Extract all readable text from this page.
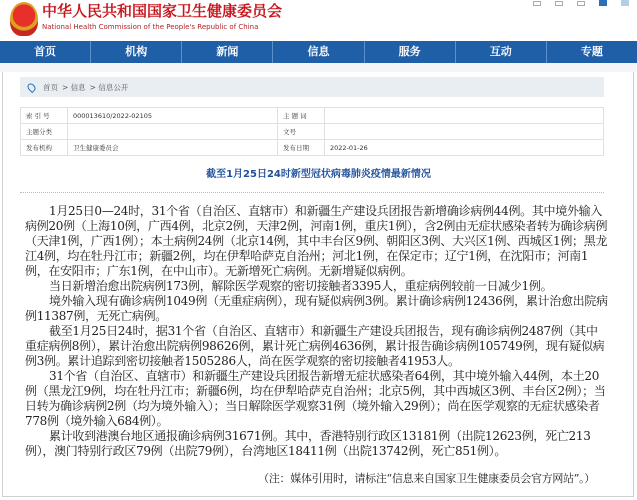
中华人民共和国国家卫生健康委员会
National Health Commission of the People's Republic of China
首页	机构	新闻	信息	服务	互动	专题
首页 > 信息 > 信息公开
索 引 号	000013610/2022-02105	主 题 词	
主题分类		文号	
发布机构	卫生健康委员会	发布日期	2022-01-26
截至1月25日24时新型冠状病毒肺炎疫情最新情况

1月25日0—24时，31个省（自治区、直辖市）和新疆生产建设兵团报告新增确诊病例44例。其中境外输入病例20例（上海10例，广西4例，北京2例，天津2例，河南1例，重庆1例），含2例由无症状感染者转为确诊病例（天津1例，广西1例）；本土病例24例（北京14例，其中丰台区9例、朝阳区3例、大兴区1例、西城区1例；黑龙江4例，均在牡丹江市；新疆2例，均在伊犁哈萨克自治州；河北1例，在保定市；辽宁1例，在沈阳市；河南1例，在安阳市；广东1例，在中山市）。无新增死亡病例。无新增疑似病例。

当日新增治愈出院病例173例，解除医学观察的密切接触者3395人，重症病例较前一日减少1例。

境外输入现有确诊病例1049例（无重症病例），现有疑似病例3例。累计确诊病例12436例，累计治愈出院病例11387例，无死亡病例。

截至1月25日24时，据31个省（自治区、直辖市）和新疆生产建设兵团报告，现有确诊病例2487例（其中重症病例8例），累计治愈出院病例98626例，累计死亡病例4636例，累计报告确诊病例105749例，现有疑似病例3例。累计追踪到密切接触者1505286人，尚在医学观察的密切接触者41953人。

31个省（自治区、直辖市）和新疆生产建设兵团报告新增无症状感染者64例，其中境外输入44例，本土20例（黑龙江9例，均在牡丹江市；新疆6例，均在伊犁哈萨克自治州；北京5例，其中西城区3例、丰台区2例）；当日转为确诊病例2例（均为境外输入）；当日解除医学观察31例（境外输入29例）；尚在医学观察的无症状感染者778例（境外输入684例）。

累计收到港澳台地区通报确诊病例31671例。其中，香港特别行政区13181例（出院12623例，死亡213例），澳门特别行政区79例（出院79例），台湾地区18411例（出院13742例，死亡851例）。

（注：媒体引用时，请标注“信息来自国家卫生健康委员会官方网站”。）
